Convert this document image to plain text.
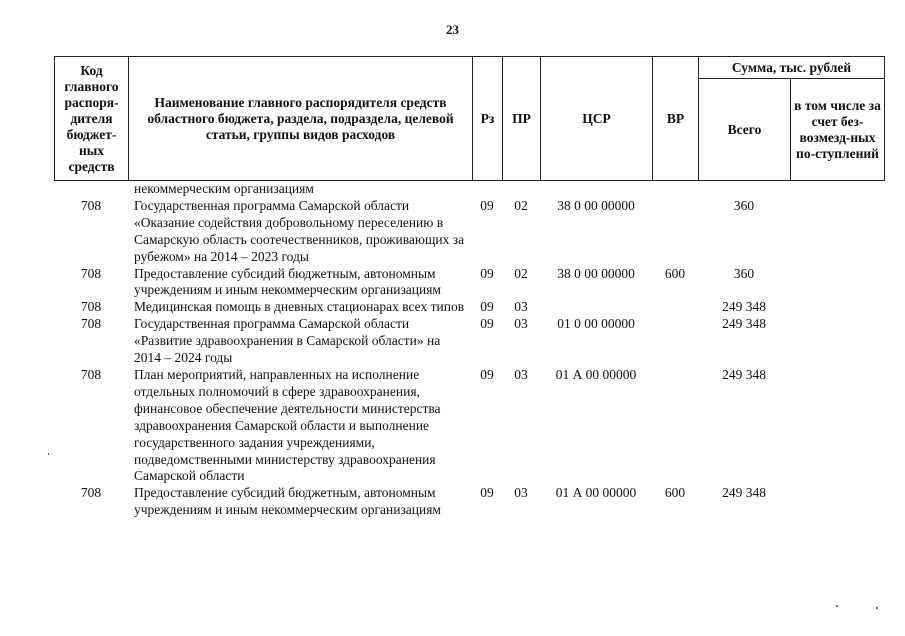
23
Код главного распоря-дителя бюджет-ных средств	Наименование главного распорядителя средств областного бюджета, раздела, подраздела, целевой статьи, группы видов расходов	Рз	ПР	ЦСР	ВР	Сумма, тыс. рублей	
						Всего	в том числе за счет без-возмезд-ных по-ступлений
	некоммерческим организациям						
708	Государственная программа Самарской области «Оказание содействия добровольному переселению в Самарскую область соотечественников, проживающих за рубежом» на 2014 – 2023 годы	09	02	38 0 00 00000		360	
708	Предоставление субсидий бюджетным, автономным учреждениям и иным некоммерческим организациям	09	02	38 0 00 00000	600	360	
708	Медицинская помощь в дневных стационарах всех типов	09	03			249 348	
708	Государственная программа Самарской области «Развитие здравоохранения в Самарской области» на 2014 – 2024 годы	09	03	01 0 00 00000		249 348	
708	План мероприятий, направленных на исполнение отдельных полномочий в сфере здравоохранения, финансовое обеспечение деятельности министерства здравоохранения Самарской области и выполнение государственного задания учреждениями, подведомственными министерству здравоохранения Самарской области	09	03	01 А 00 00000		249 348	
708	Предоставление субсидий бюджетным, автономным учреждениям и иным некоммерческим организациям	09	03	01 А 00 00000	600	249 348	
